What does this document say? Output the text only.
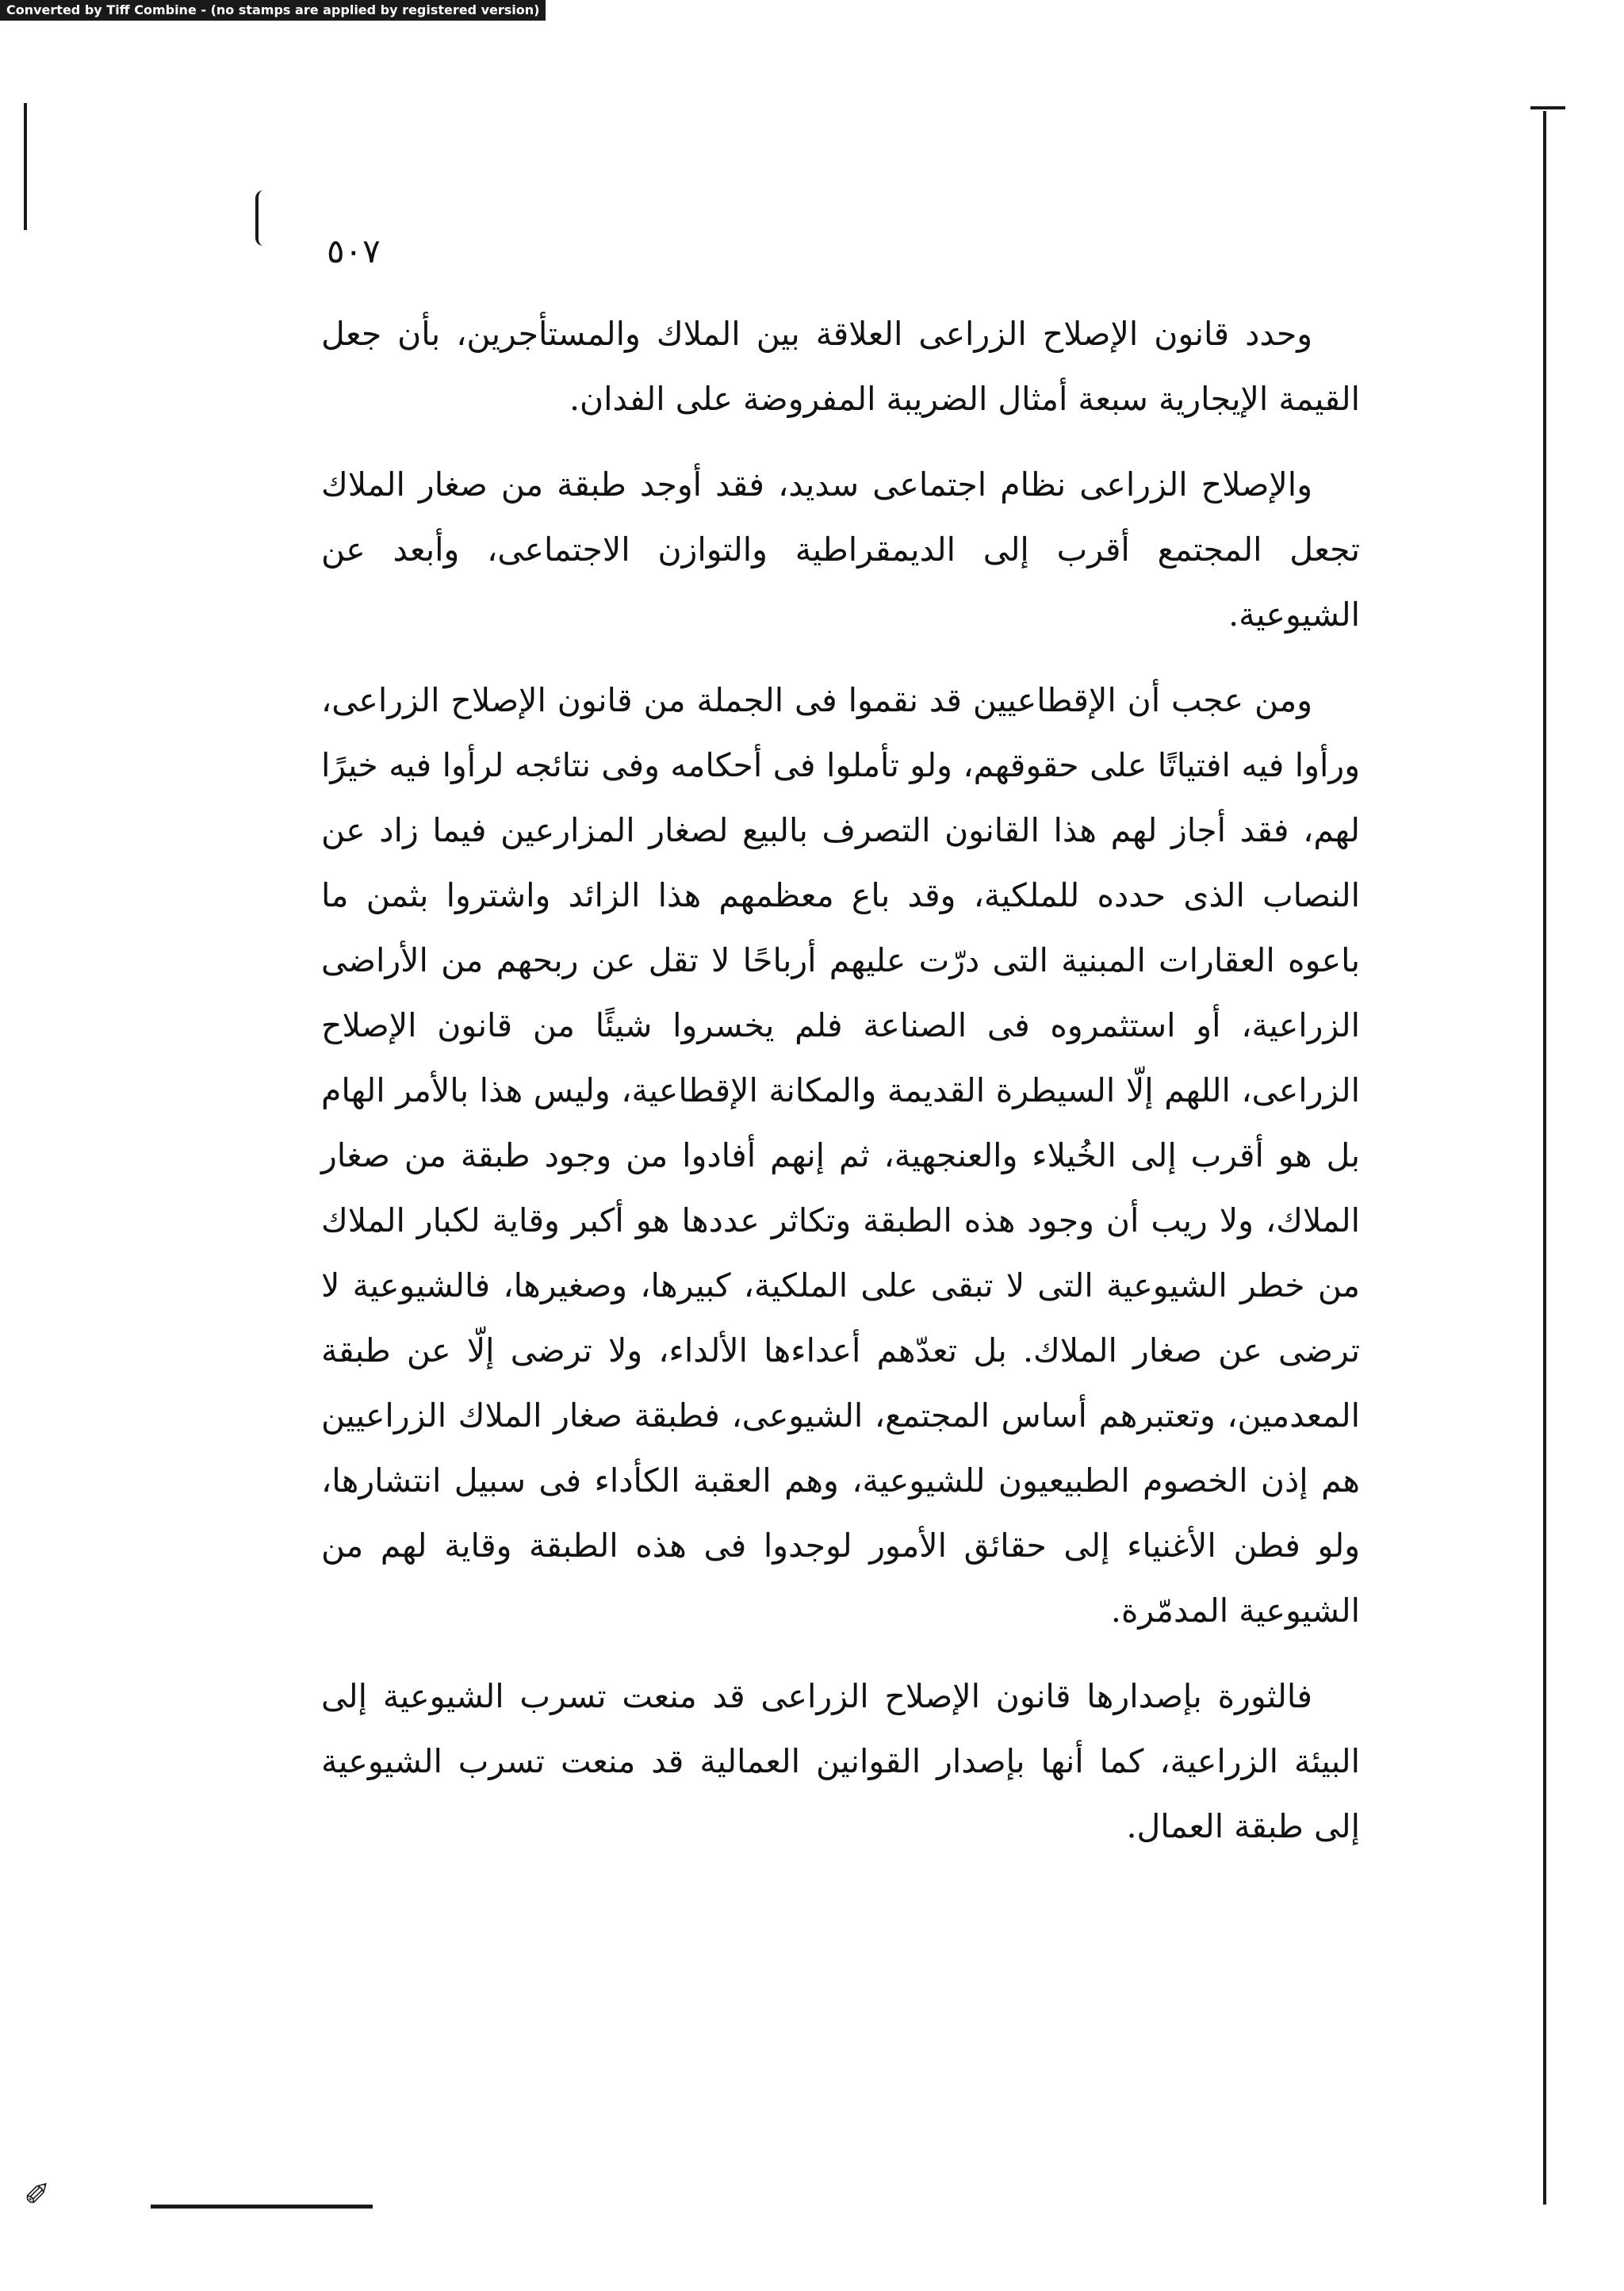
Converted by Tiff Combine - (no stamps are applied by registered version)
✐
٥٠٧

وحدد قانون الإصلاح الزراعى العلاقة بين الملاك والمستأجرين، بأن جعل القيمة الإيجارية سبعة أمثال الضريبة المفروضة على الفدان.

والإصلاح الزراعى نظام اجتماعى سديد، فقد أوجد طبقة من صغار الملاك تجعل المجتمع أقرب إلى الديمقراطية والتوازن الاجتماعى، وأبعد عن الشيوعية.

ومن عجب أن الإقطاعيين قد نقموا فى الجملة من قانون الإصلاح الزراعى، ورأوا فيه افتياتًا على حقوقهم، ولو تأملوا فى أحكامه وفى نتائجه لرأوا فيه خيرًا لهم، فقد أجاز لهم هذا القانون التصرف بالبيع لصغار المزارعين فيما زاد عن النصاب الذى حدده للملكية، وقد باع معظمهم هذا الزائد واشتروا بثمن ما باعوه العقارات المبنية التى درّت عليهم أرباحًا لا تقل عن ربحهم من الأراضى الزراعية، أو استثمروه فى الصناعة فلم يخسروا شيئًا من قانون الإصلاح الزراعى، اللهم إلّا السيطرة القديمة والمكانة الإقطاعية، وليس هذا بالأمر الهام بل هو أقرب إلى الخُيلاء والعنجهية، ثم إنهم أفادوا من وجود طبقة من صغار الملاك، ولا ريب أن وجود هذه الطبقة وتكاثر عددها هو أكبر وقاية لكبار الملاك من خطر الشيوعية التى لا تبقى على الملكية، كبيرها، وصغيرها، فالشيوعية لا ترضى عن صغار الملاك. بل تعدّهم أعداءها الألداء، ولا ترضى إلّا عن طبقة المعدمين، وتعتبرهم أساس المجتمع، الشيوعى، فطبقة صغار الملاك الزراعيين هم إذن الخصوم الطبيعيون للشيوعية، وهم العقبة الكأداء فى سبيل انتشارها، ولو فطن الأغنياء إلى حقائق الأمور لوجدوا فى هذه الطبقة وقاية لهم من الشيوعية المدمّرة.

فالثورة بإصدارها قانون الإصلاح الزراعى قد منعت تسرب الشيوعية إلى البيئة الزراعية، كما أنها بإصدار القوانين العمالية قد منعت تسرب الشيوعية إلى طبقة العمال.
